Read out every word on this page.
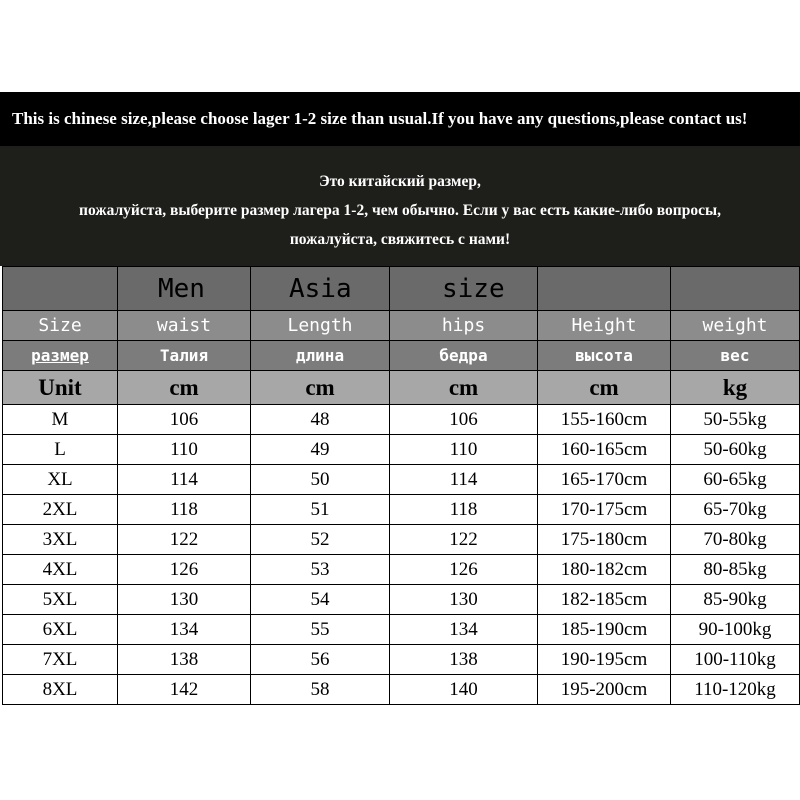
This is chinese size,please choose lager 1-2 size than usual.If you have any questions,please contact us!
Это китайский размер,
пожалуйста, выберите размер лагера 1-2, чем обычно. Если у вас есть какие-либо вопросы,
пожалуйста, свяжитесь с нами!
	Men	Asia	size		
Size	waist	Length	hips	Height	weight
размер	Талия	длина	бедра	высота	вес
Unit	cm	cm	cm	cm	kg
M	106	48	106	155-160cm	50-55kg
L	110	49	110	160-165cm	50-60kg
XL	114	50	114	165-170cm	60-65kg
2XL	118	51	118	170-175cm	65-70kg
3XL	122	52	122	175-180cm	70-80kg
4XL	126	53	126	180-182cm	80-85kg
5XL	130	54	130	182-185cm	85-90kg
6XL	134	55	134	185-190cm	90-100kg
7XL	138	56	138	190-195cm	100-110kg
8XL	142	58	140	195-200cm	110-120kg
